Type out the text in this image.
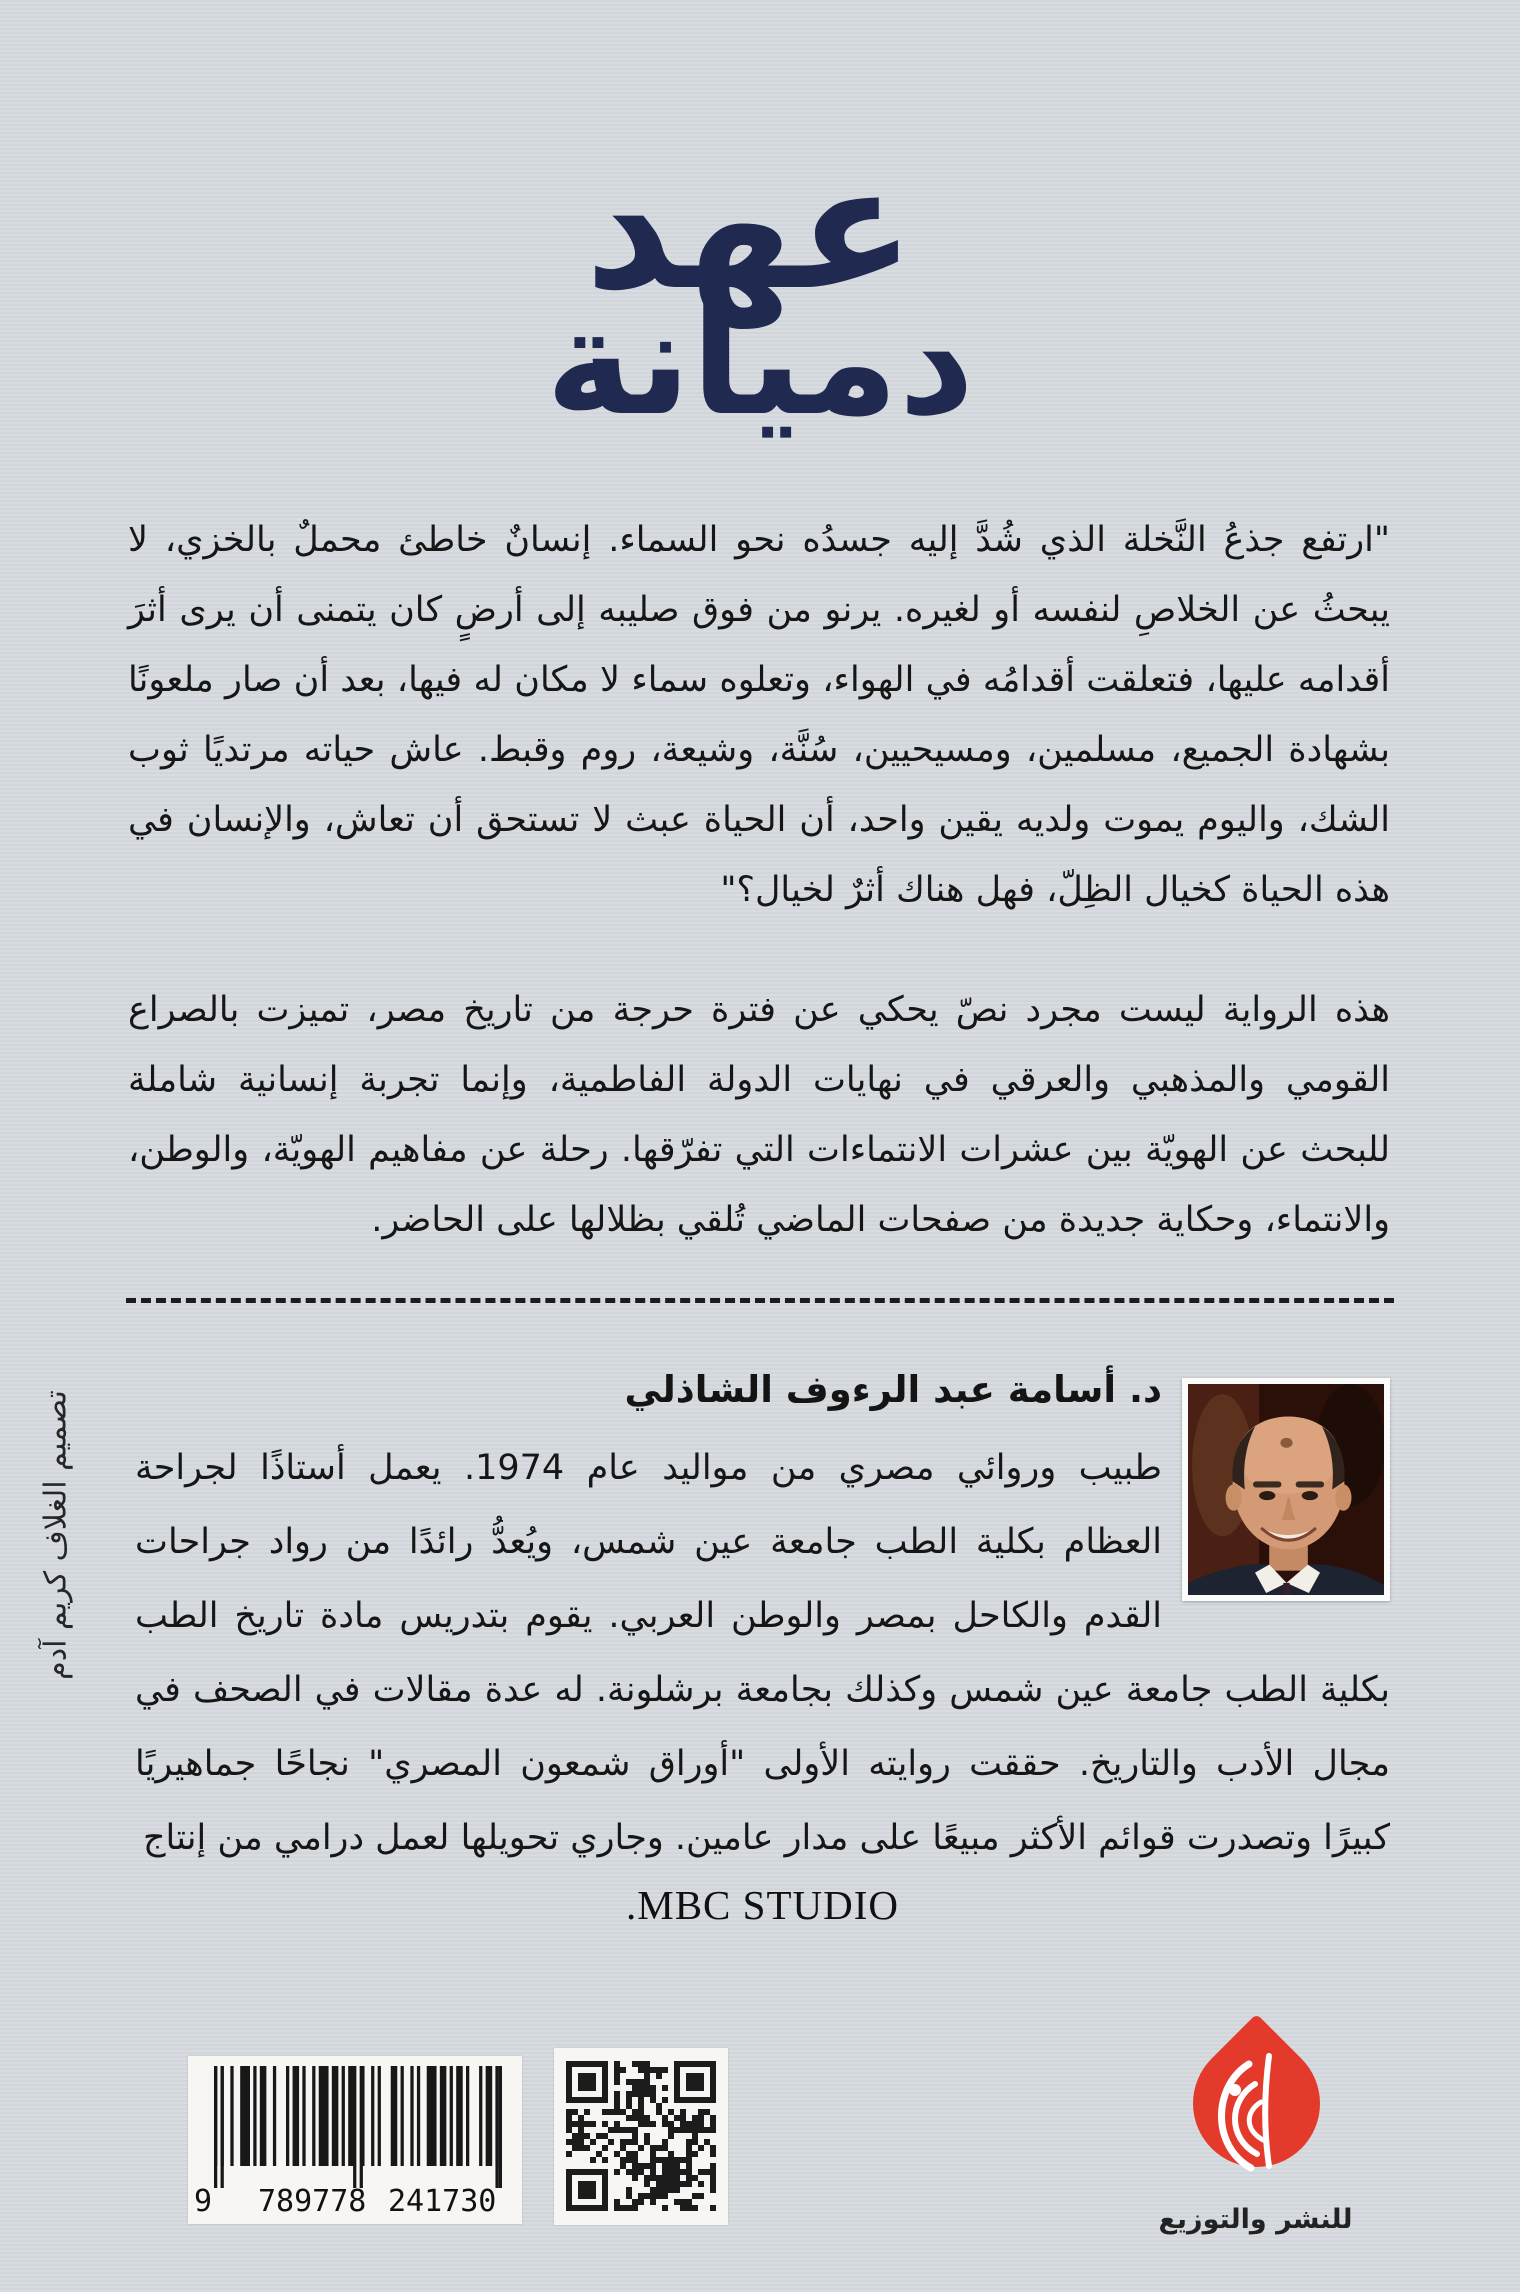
عهد
دميانة

"ارتفع جذعُ النَّخلة الذي شُدَّ إليه جسدُه نحو السماء. إنسانٌ خاطئ محملٌ بالخزي، لا يبحثُ عن الخلاصِ لنفسه أو لغيره. يرنو من فوق صليبه إلى أرضٍ كان يتمنى أن يرى أثرَ أقدامه عليها، فتعلقت أقدامُه في الهواء، وتعلوه سماء لا مكان له فيها، بعد أن صار ملعونًا بشهادة الجميع، مسلمين، ومسيحيين، سُنَّة، وشيعة، روم وقبط. عاش حياته مرتديًا ثوب الشك، واليوم يموت ولديه يقين واحد، أن الحياة عبث لا تستحق أن تعاش، والإنسان في هذه الحياة كخيال الظِلّ، فهل هناك أثرٌ لخيال؟"

هذه الرواية ليست مجرد نصّ يحكي عن فترة حرجة من تاريخ مصر، تميزت بالصراع القومي والمذهبي والعرقي في نهايات الدولة الفاطمية، وإنما تجربة إنسانية شاملة للبحث عن الهويّة بين عشرات الانتماءات التي تفرّقها. رحلة عن مفاهيم الهويّة، والوطن، والانتماء، وحكاية جديدة من صفحات الماضي تُلقي بظلالها على الحاضر.

د. أسامة عبد الرءوف الشاذلي

طبيب وروائي مصري من مواليد عام 1974. يعمل أستاذًا لجراحة العظام بكلية الطب جامعة عين شمس، ويُعدُّ رائدًا من رواد جراحات القدم والكاحل بمصر والوطن العربي. يقوم بتدريس مادة تاريخ الطب بكلية الطب جامعة عين شمس وكذلك بجامعة برشلونة. له عدة مقالات في الصحف في مجال الأدب والتاريخ. حققت روايته الأولى "أوراق شمعون المصري" نجاحًا جماهيريًا كبيرًا وتصدرت قوائم الأكثر مبيعًا على مدار عامين. وجاري تحويلها لعمل درامي من إنتاج

MBC STUDIO.
تصميم الغلاف كريم آدم
9 789778 241730
للنشر والتوزيع
